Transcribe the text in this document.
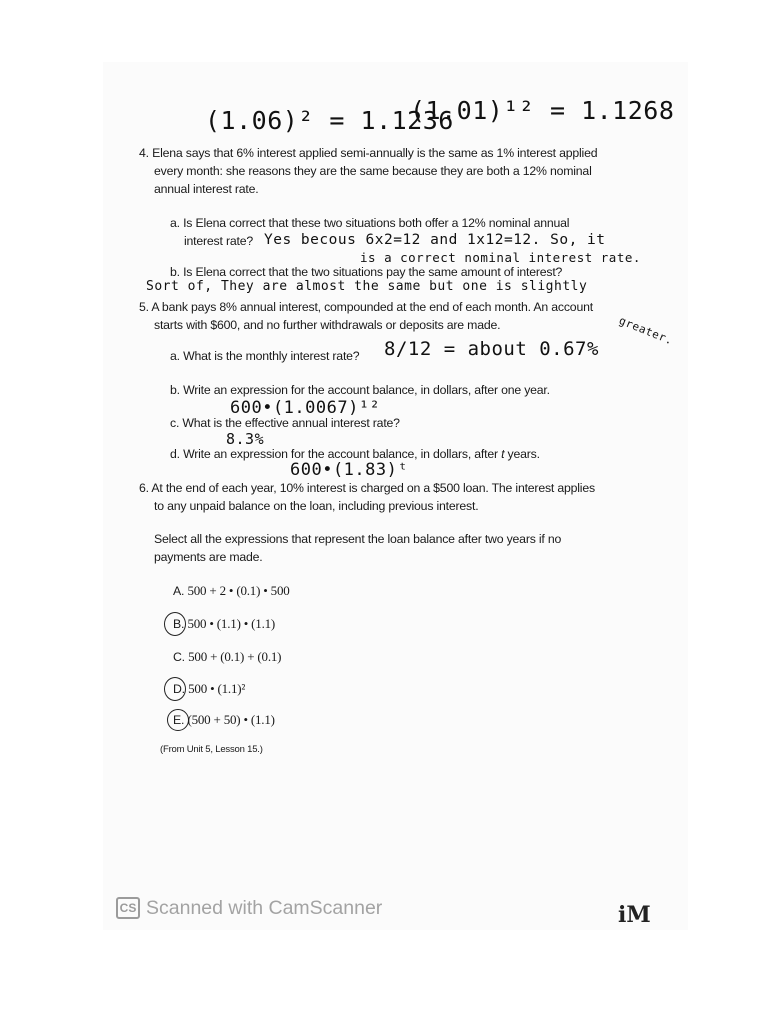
(1.06)² = 1.1236
(1.01)¹² = 1.1268
4. Elena says that 6% interest applied semi-annually is the same as 1% interest applied
every month: she reasons they are the same because they are both a 12% nominal
annual interest rate.
a. Is Elena correct that these two situations both offer a 12% nominal annual
interest rate? Yes becous 6x2=12 and 1x12=12. So, it
is a correct nominal interest rate.
b. Is Elena correct that the two situations pay the same amount of interest?
Sort of, They are almost the same but one is slightly
greater.
5. A bank pays 8% annual interest, compounded at the end of each month. An account
starts with $600, and no further withdrawals or deposits are made.
a. What is the monthly interest rate? 8/12 = about 0.67%
b. Write an expression for the account balance, in dollars, after one year.
600•(1.0067)¹²
c. What is the effective annual interest rate?
8.3%
d. Write an expression for the account balance, in dollars, after t years.
600•(1.83)ᵗ
6. At the end of each year, 10% interest is charged on a $500 loan. The interest applies
to any unpaid balance on the loan, including previous interest.
Select all the expressions that represent the loan balance after two years if no
payments are made.
A. 500 + 2 • (0.1) • 500
B. 500 • (1.1) • (1.1)
C. 500 + (0.1) + (0.1)
D. 500 • (1.1)²
E. (500 + 50) • (1.1)
(From Unit 5, Lesson 15.)
CS Scanned with CamScanner	iM
